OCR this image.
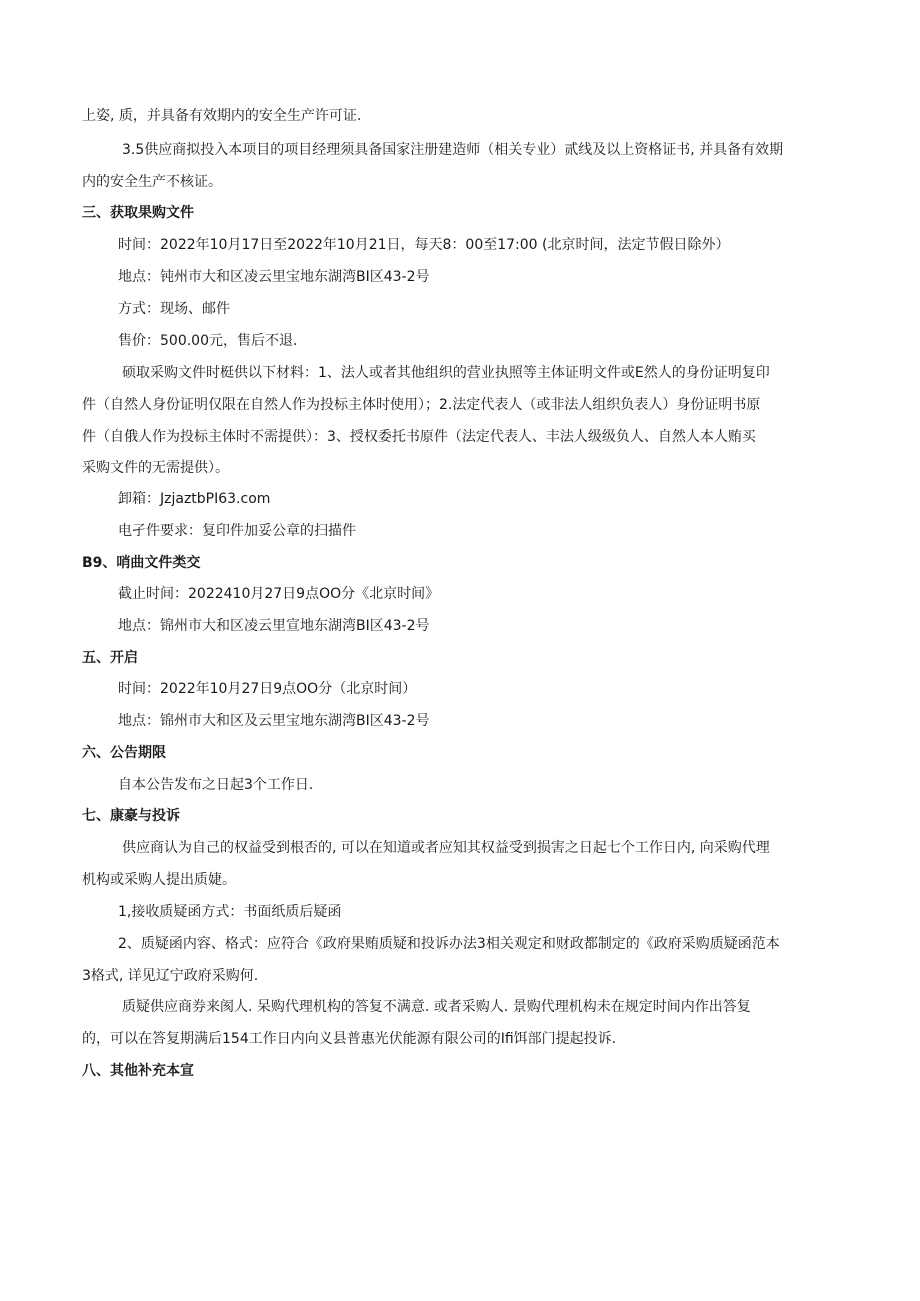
上姿, 质，并具备有效期内的安全生产许可证.
3.5供应商拟投入本项目的项目经理须具备国家注册建造师（相关专业）贰线及以上资格证书, 并具备有效期
内的安全生产不核证。
三、获取果购文件
时间：2022年10月17日至2022年10月21日，每天8：00至17:00 (北京时间，法定节假日除外）
地点：钝州市大和区凌云里宝地东湖湾BI区43-2号
方式：现场、邮件
售价：500.00元，售后不退.
硕取采购文件时梃供以下材料：1、法人或者其他组织的营业执照等主体证明文件或E然人的身份证明复印
件（自然人身份证明仅限在自然人作为投标主体时使用）；2.法定代表人（或非法人组织负表人）身份证明书原
件（自俄人作为投标主体时不需提供）：3、授权委托书原件（法定代表人、丰法人级级负人、自然人本人贿买
采购文件的无需提供）。
卸箱：JzjaztbPI63.com
电孑件要求：复印件加妥公章的扫描件
B9、哨曲文件类交
截止时间：2022410月27日9点OO分《北京时间》
地点：锦州市大和区凌云里宣地东湖湾BI区43-2号
五、开启
时间：2022年10月27日9点OO分（北京时间）
地点：锦州市大和区及云里宝地东湖湾BI区43-2号
六、公告期限
自本公告发布之日起3个工作日.
七、康豪与投诉
供应商认为自己的权益受到根否的, 可以在知道或者应知其权益受到损害之日起七个工作日内, 向采购代理
机构或采购人提出质婕。
1,接收质疑函方式：书面纸质后疑函
2、质疑函内容、格式：应符合《政府果贿质疑和投诉办法3相关观定和财政都制定的《政府采购质疑函范本
3格式, 详见辽宁政府采购何.
质疑供应商券来阂人. 呆购代理机构的答复不满意. 或者采购人. 景购代理机构未在规定时间内作出答复
的，可以在答复期满后154工作日内向义县普惠光伏能源有限公司的Ifi饵部门提起投诉.
八、其他补充本宣
